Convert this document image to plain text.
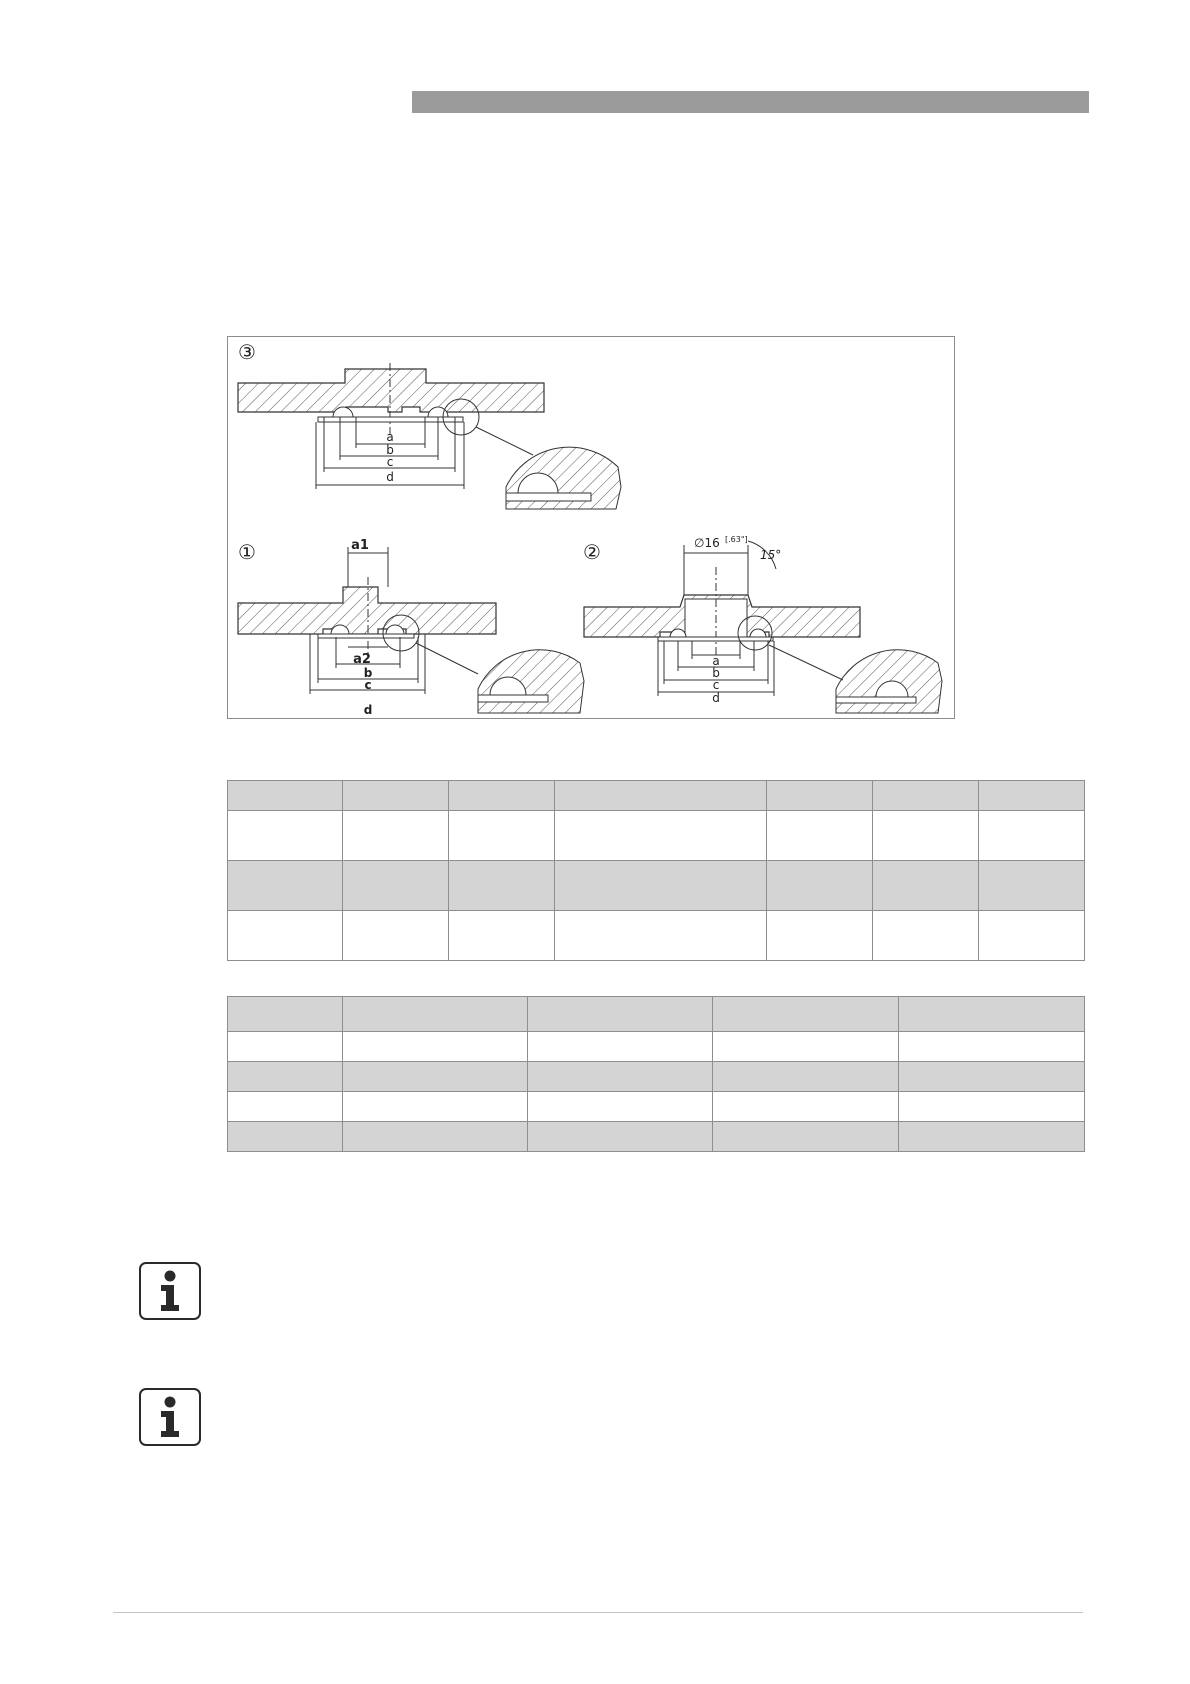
③
a
b
c
d
①	a1
a2
b
c
d
②	∅16 [.63"]
15°
a
b
c
d
